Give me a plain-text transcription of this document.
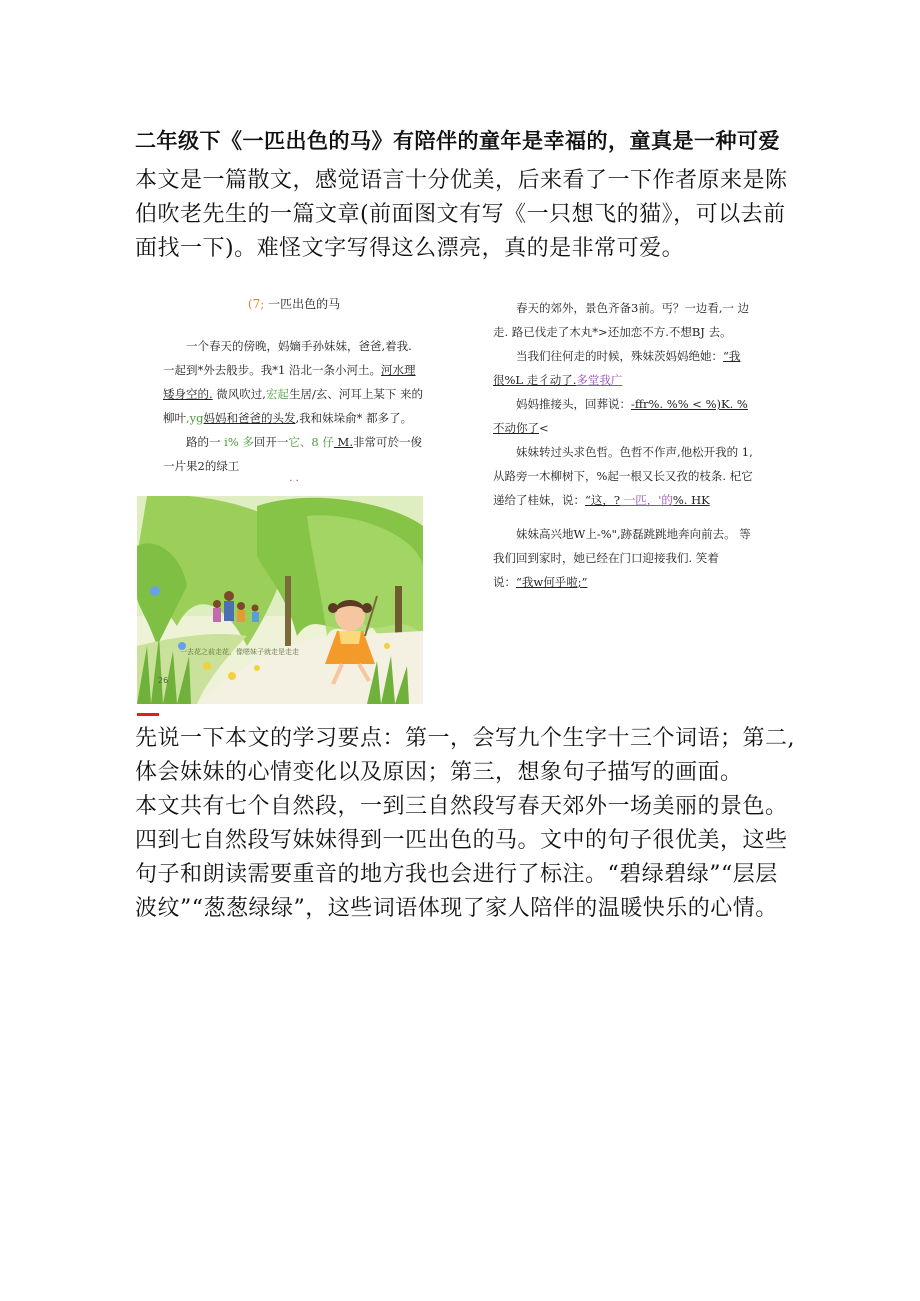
二年级下《一匹出色的马》有陪伴的童年是幸福的，童真是一种可爱

本文是一篇散文，感觉语言十分优美，后来看了一下作者原来是陈伯吹老先生的一篇文章(前面图文有写《一只想飞的猫》，可以去前面找一下)。难怪文字写得这么漂亮，真的是非常可爱。

(7; 一匹出色的马

一个春天的傍晚，妈嫡手孙妹妹，爸爸,着我. 一起到*外去般步。我*1 沿北一条小河土。河水理 矮身空的. 微风吹过,宏起生居/玄、河耳上某下 来的柳叶,yg妈妈和爸爸的头发,我和妹垛俞* 都多了。

路的一 i% 多回开一它、8 仔 M.非常可於一俊 一片果2的绿工

· ·

春天的郊外，景色齐备3前。丐？一边看,一 边走. 路已伐走了木丸*>还加恋不方.不想BJ 去。

当我们往何走的时候，殊妹茨妈妈绝她：“我很%L 走彳动了.多堂我广

妈妈推接头，回葬说：-ffr%. %% < %)K. % 不动你了<

妹妹转过头求色哲。色哲不作声,他松开我的 1,从路旁一木柳树下，%起一根又长又孜的枝条. 杞它递给了桂妹，说：“这，? 一匹，'的%. HK

妹妹高兴地W上-%",跡磊跳跳地奔向前去。 等我们回到家时，她已经在门口迎接我们. 笑着 说：“我w何乎啦;”

一去花之前走花，像嗯妹子就走是走走
26

先说一下本文的学习要点：第一，会写九个生字十三个词语；第二,体会妹妹的心情变化以及原因；第三，想象句子描写的画面。

本文共有七个自然段，一到三自然段写春天郊外一场美丽的景色。四到七自然段写妹妹得到一匹出色的马。文中的句子很优美，这些句子和朗读需要重音的地方我也会进行了标注。“碧绿碧绿”“层层波纹”“葱葱绿绿”，这些词语体现了家人陪伴的温暖快乐的心情。
